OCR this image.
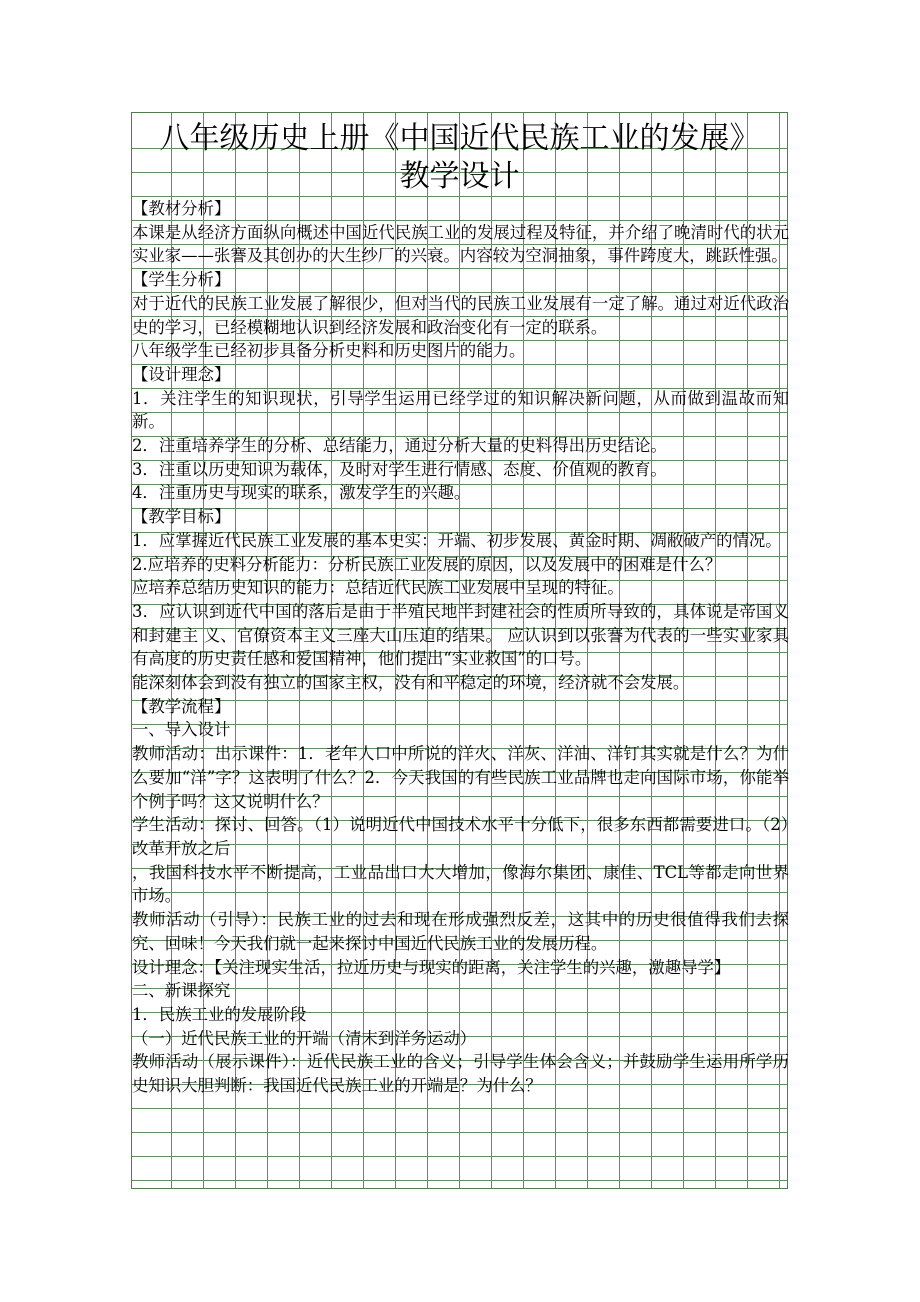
八年级历史上册《中国近代民族工业的发展》
教学设计

【教材分析】

本课是从经济方面纵向概述中国近代民族工业的发展过程及特征，并介绍了晚清时代的状元实业家——张謇及其创办的大生纱厂的兴衰。内容较为空洞抽象，事件跨度大，跳跃性强。

【学生分析】

对于近代的民族工业发展了解很少，但对当代的民族工业发展有一定了解。通过对近代政治史的学习，已经模糊地认识到经济发展和政治变化有一定的联系。

八年级学生已经初步具备分析史料和历史图片的能力。

【设计理念】

1．关注学生的知识现状，引导学生运用已经学过的知识解决新问题，从而做到温故而知新。

2．注重培养学生的分析、总结能力，通过分析大量的史料得出历史结论。

3．注重以历史知识为载体，及时对学生进行情感、态度、价值观的教育。

4．注重历史与现实的联系，激发学生的兴趣。

【教学目标】

1．应掌握近代民族工业发展的基本史实：开端、初步发展、黄金时期、凋敝破产的情况。

2.应培养的史料分析能力：分析民族工业发展的原因，以及发展中的困难是什么？

应培养总结历史知识的能力：总结近代民族工业发展中呈现的特征。

3．应认识到近代中国的落后是由于半殖民地半封建社会的性质所导致的，具体说是帝国义和封建主 义、官僚资本主义三座大山压迫的结果。 应认识到以张謇为代表的一些实业家具有高度的历史责任感和爱国精神，他们提出“实业救国”的口号。

能深刻体会到没有独立的国家主权，没有和平稳定的环境，经济就不会发展。

【教学流程】

一、导入设计

教师活动：出示课件：1．老年人口中所说的洋火、洋灰、洋油、洋钉其实就是什么？为什么要加“洋”字？这表明了什么？2．今天我国的有些民族工业品牌也走向国际市场，你能举个例子吗？这又说明什么？

学生活动：探讨、回答。（1）说明近代中国技术水平十分低下，很多东西都需要进口。（2）改革开放之后

，我国科技水平不断提高，工业品出口大大增加，像海尔集团、康佳、TCL等都走向世界市场。

教师活动（引导）：民族工业的过去和现在形成强烈反差，这其中的历史很值得我们去探究、回味！今天我们就一起来探讨中国近代民族工业的发展历程。

设计理念：【关注现实生活，拉近历史与现实的距离，关注学生的兴趣，激趣导学】

二、新课探究

1．民族工业的发展阶段

（一）近代民族工业的开端（清末到洋务运动）

教师活动（展示课件）：近代民族工业的含义；引导学生体会含义；并鼓励学生运用所学历史知识大胆判断：我国近代民族工业的开端是？为什么？
